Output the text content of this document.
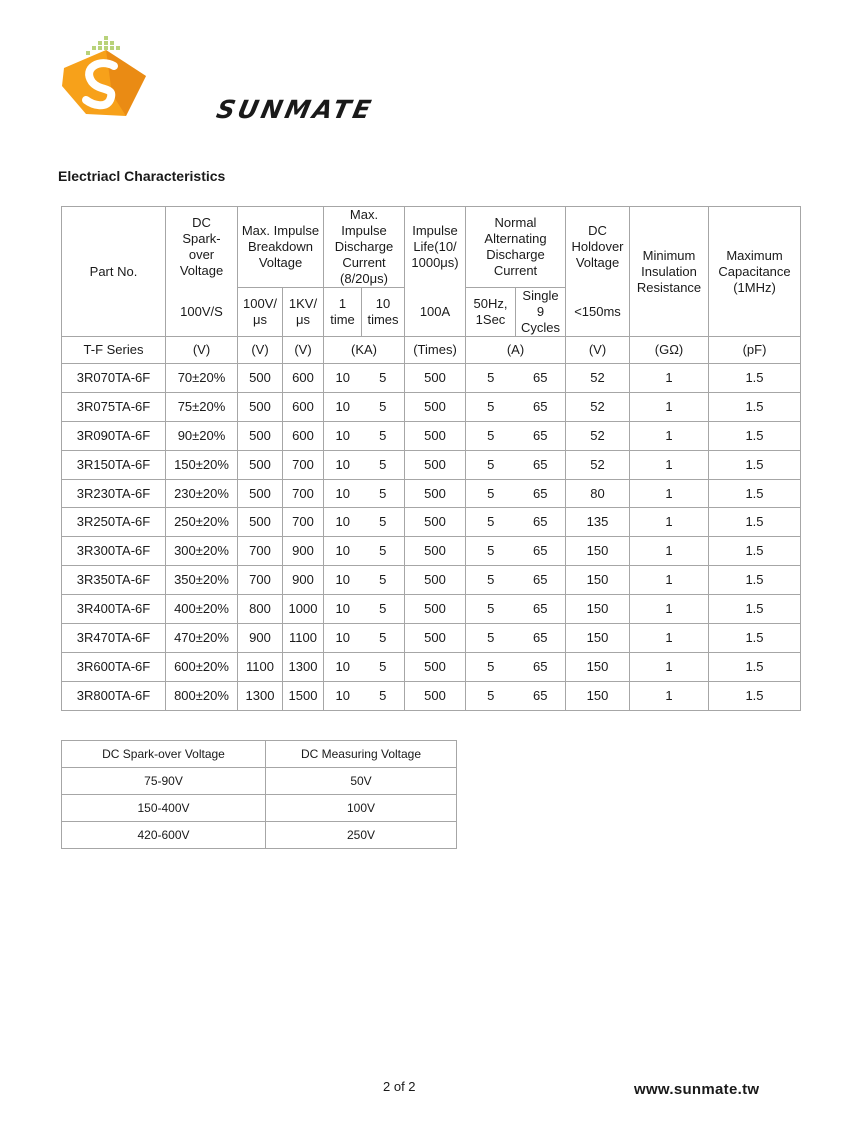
SUNMATE
Electriacl Characteristics
Part No.	DC Spark-over Voltage	Max. Impulse Breakdown Voltage		Max. Impulse Discharge Current (8/20μs)		Impulse Life(10/ 1000μs)	Normal Alternating Discharge Current		DC Holdover Voltage	Minimum Insulation Resistance	Maximum Capacitance (1MHz)

	100V/S	100V/ μs	1KV/ μs	1 time	10 times	100A	50Hz, 1Sec	Single 9 Cycles	<150ms		
T-F Series	(V)	(V)	(V)	(KA)		(Times)	(A)		(V)	(GΩ)	(pF)
3R070TA-6F	70±20%	500	600	10	5	500	5	65	52	1	1.5
3R075TA-6F	75±20%	500	600	10	5	500	5	65	52	1	1.5
3R090TA-6F	90±20%	500	600	10	5	500	5	65	52	1	1.5
3R150TA-6F	150±20%	500	700	10	5	500	5	65	52	1	1.5
3R230TA-6F	230±20%	500	700	10	5	500	5	65	80	1	1.5
3R250TA-6F	250±20%	500	700	10	5	500	5	65	135	1	1.5
3R300TA-6F	300±20%	700	900	10	5	500	5	65	150	1	1.5
3R350TA-6F	350±20%	700	900	10	5	500	5	65	150	1	1.5
3R400TA-6F	400±20%	800	1000	10	5	500	5	65	150	1	1.5
3R470TA-6F	470±20%	900	1100	10	5	500	5	65	150	1	1.5
3R600TA-6F	600±20%	1100	1300	10	5	500	5	65	150	1	1.5
3R800TA-6F	800±20%	1300	1500	10	5	500	5	65	150	1	1.5
DC Spark-over Voltage	DC Measuring Voltage
75-90V	50V
150-400V	100V
420-600V	250V
2 of 2	www.sunmate.tw
